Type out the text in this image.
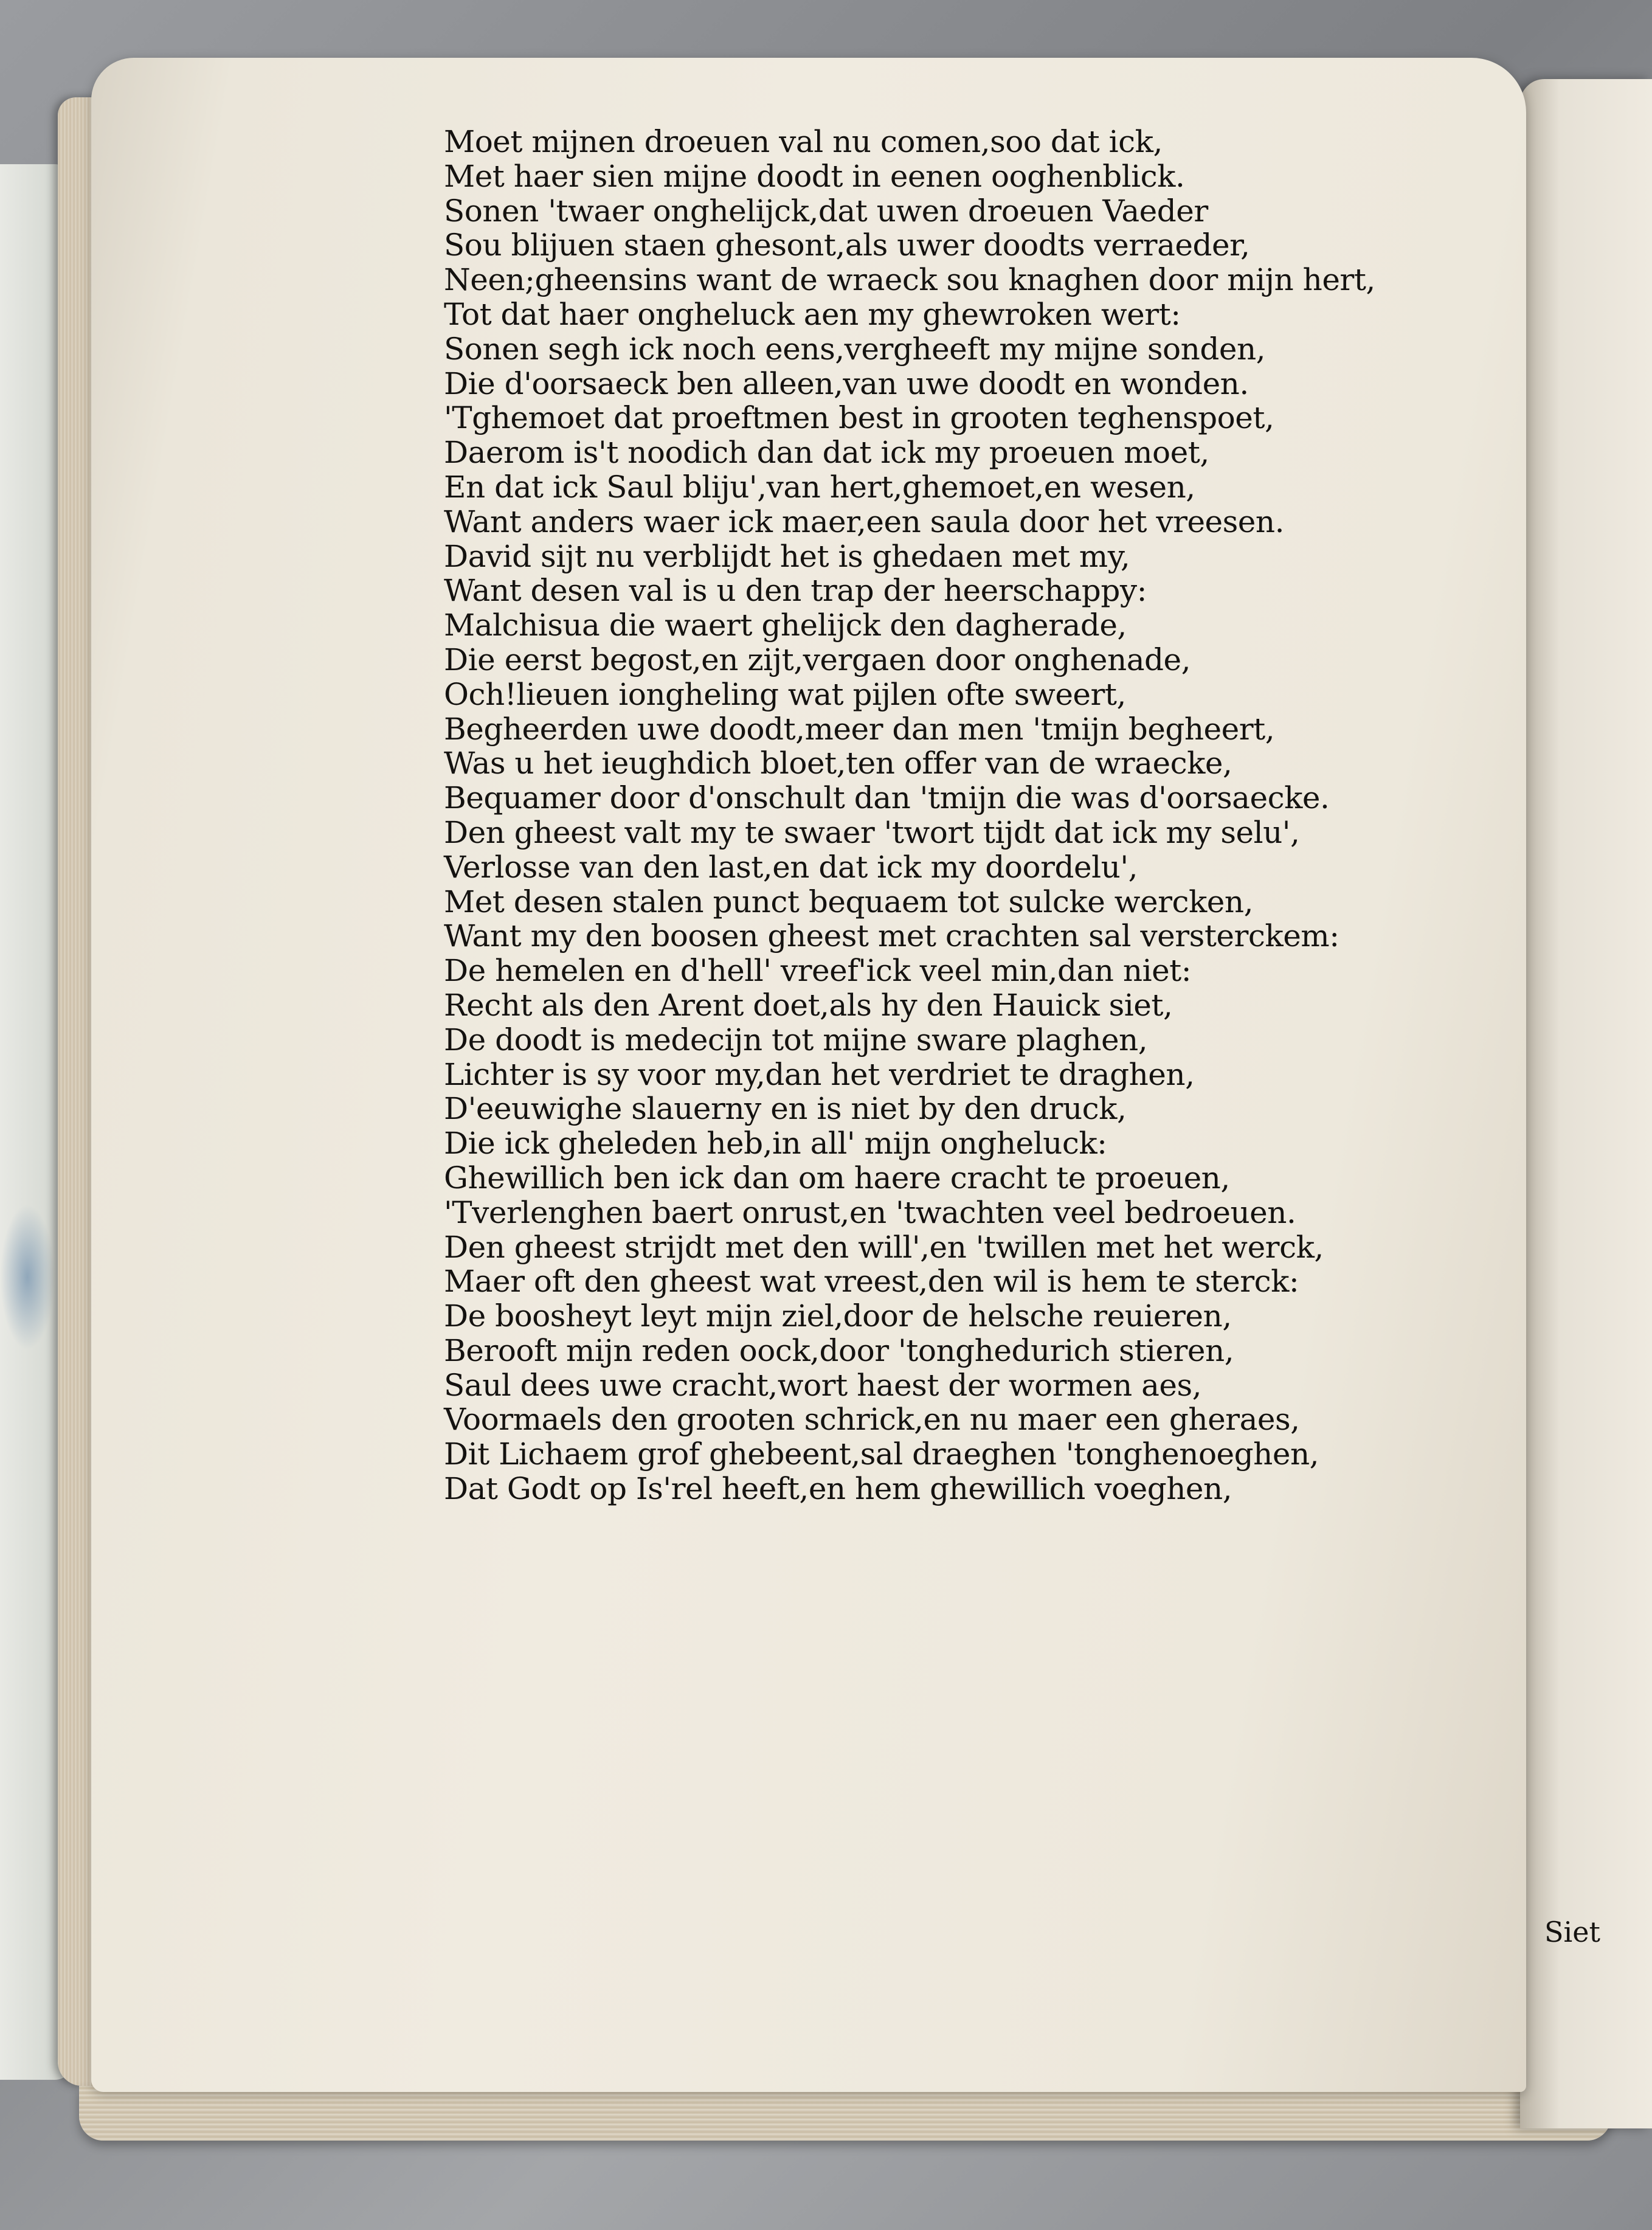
Moet mijnen droeuen val nu comen,soo dat ick,
Met haer sien mijne doodt in eenen ooghenblick.
Sonen 'twaer onghelijck,dat uwen droeuen Vaeder
Sou blijuen staen ghesont,als uwer doodts verraeder,
Neen;gheensins want de wraeck sou knaghen door mijn hert,
Tot dat haer ongheluck aen my ghewroken wert:
Sonen segh ick noch eens,vergheeft my mijne sonden,
Die d'oorsaeck ben alleen,van uwe doodt en wonden.
'Tghemoet dat proeftmen best in grooten teghenspoet,
Daerom is't noodich dan dat ick my proeuen moet,
En dat ick Saul bliju',van hert,ghemoet,en wesen,
Want anders waer ick maer,een saula door het vreesen.
David sijt nu verblijdt het is ghedaen met my,
Want desen val is u den trap der heerschappy:
Malchisua die waert ghelijck den dagherade,
Die eerst begost,en zijt,vergaen door onghenade,
Och!lieuen iongheling wat pijlen ofte sweert,
Begheerden uwe doodt,meer dan men 'tmijn begheert,
Was u het ieughdich bloet,ten offer van de wraecke,
Bequamer door d'onschult dan 'tmijn die was d'oorsaecke.
Den gheest valt my te swaer 'twort tijdt dat ick my selu',
Verlosse van den last,en dat ick my doordelu',
Met desen stalen punct bequaem tot sulcke wercken,
Want my den boosen gheest met crachten sal versterckem:
De hemelen en d'hell' vreef'ick veel min,dan niet:
Recht als den Arent doet,als hy den Hauick siet,
De doodt is medecijn tot mijne sware plaghen,
Lichter is sy voor my,dan het verdriet te draghen,
D'eeuwighe slauerny en is niet by den druck,
Die ick gheleden heb,in all' mijn ongheluck:
Ghewillich ben ick dan om haere cracht te proeuen,
'Tverlenghen baert onrust,en 'twachten veel bedroeuen.
Den gheest strijdt met den will',en 'twillen met het werck,
Maer oft den gheest wat vreest,den wil is hem te sterck:
De boosheyt leyt mijn ziel,door de helsche reuieren,
Berooft mijn reden oock,door 'tonghedurich stieren,
Saul dees uwe cracht,wort haest der wormen aes,
Voormaels den grooten schrick,en nu maer een gheraes,
Dit Lichaem grof ghebeent,sal draeghen 'tonghenoeghen,
Dat Godt op Is'rel heeft,en hem ghewillich voeghen,
Siet
